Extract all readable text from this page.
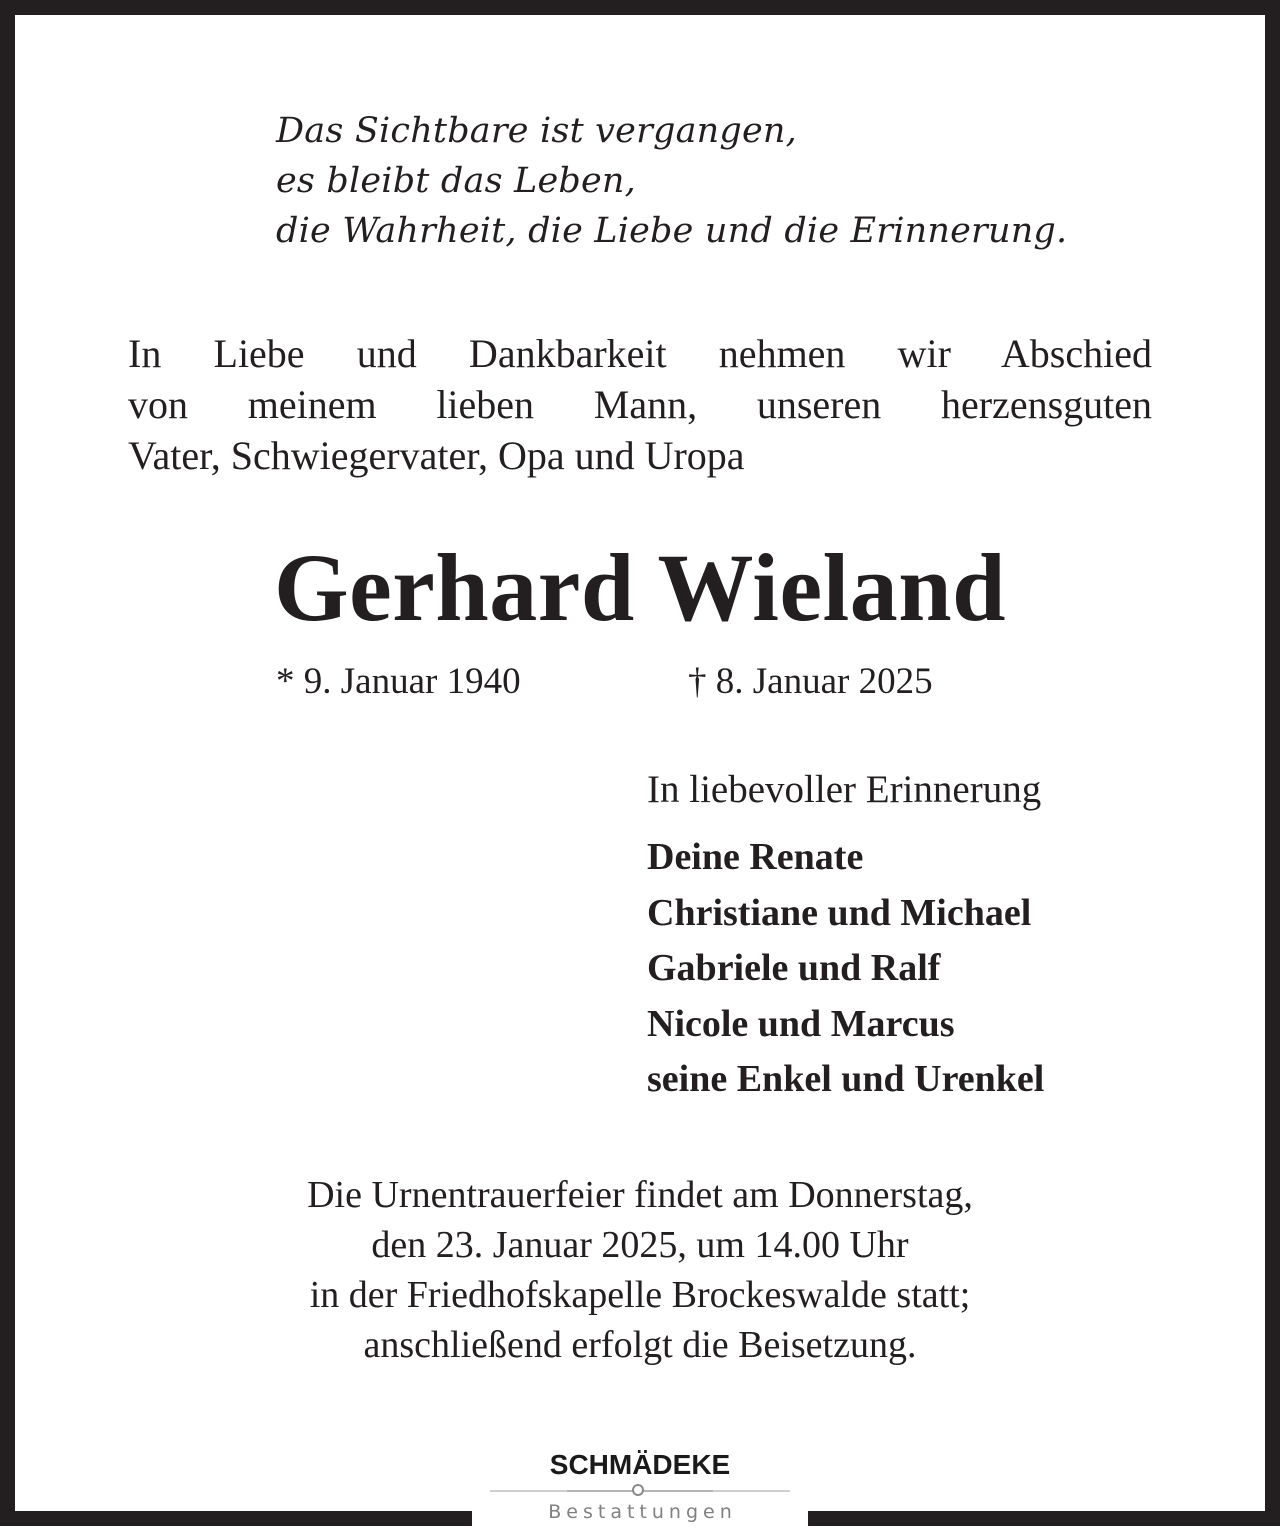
Das Sichtbare ist vergangen,
es bleibt das Leben,
die Wahrheit, die Liebe und die Erinnerung.
In Liebe und Dankbarkeit nehmen wir Abschied
von meinem lieben Mann, unseren herzensguten
Vater, Schwiegervater, Opa und Uropa
Gerhard Wieland
* 9. Januar 1940	† 8. Januar 2025
In liebevoller Erinnerung
Deine Renate
Christiane und Michael
Gabriele und Ralf
Nicole und Marcus
seine Enkel und Urenkel
Die Urnentrauerfeier findet am Donnerstag,
den 23. Januar 2025, um 14.00 Uhr
in der Friedhofskapelle Brockeswalde statt;
anschließend erfolgt die Beisetzung.
SCHMÄDEKE
Bestattungen
